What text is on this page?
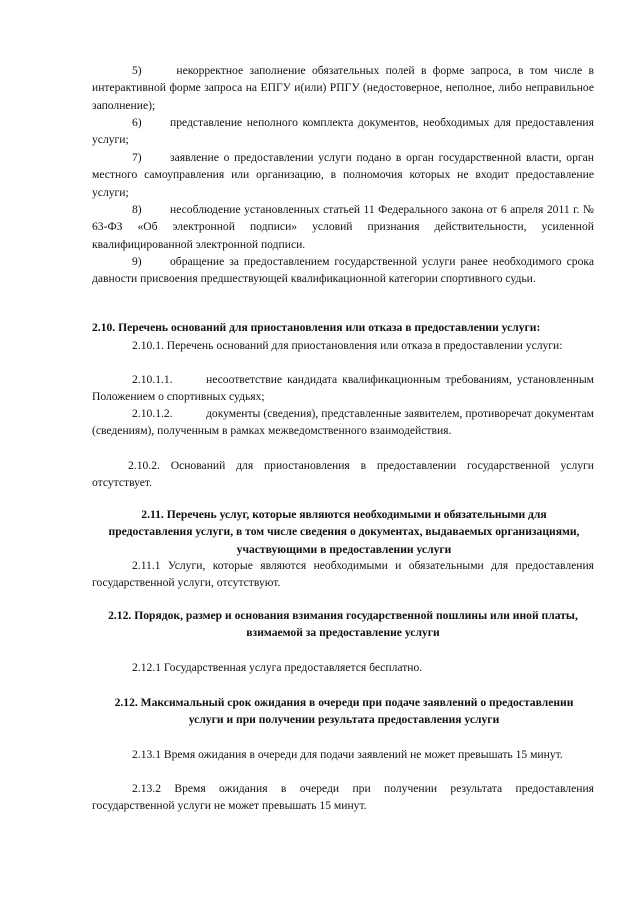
5)	некорректное заполнение обязательных полей в форме запроса, в том числе в интерактивной форме запроса на ЕПГУ и(или) РПГУ (недостоверное, неполное, либо неправильное заполнение);
6) представление неполного комплекта документов, необходимых для предоставления услуги;
7) заявление о предоставлении услуги подано в орган государственной власти, орган местного самоуправления или организацию, в полномочия которых не входит предоставление услуги;
8) несоблюдение установленных статьей 11 Федерального закона от 6 апреля 2011 г. № 63-ФЗ «Об электронной подписи» условий признания действительности, усиленной квалифицированной электронной подписи.
9) обращение за предоставлением государственной услуги ранее необходимого срока давности присвоения предшествующей квалификационной категории спортивного судьи.
2.10. Перечень оснований для приостановления или отказа в предоставлении услуги:
2.10.1. Перечень оснований для приостановления или отказа в предоставлении услуги:
2.10.1.1.	несоответствие кандидата квалификационным требованиям, установленным Положением о спортивных судьях;
2.10.1.2.	документы (сведения), представленные заявителем, противоречат документам (сведениям), полученным в рамках межведомственного взаимодействия.
2.10.2. Оснований для приостановления в предоставлении государственной услуги отсутствует.
2.11. Перечень услуг, которые являются необходимыми и обязательными для предоставления услуги, в том числе сведения о документах, выдаваемых организациями, участвующими в предоставлении услуги
2.11.1 Услуги, которые являются необходимыми и обязательными для предоставления государственной услуги, отсутствуют.
2.12. Порядок, размер и основания взимания государственной пошлины или иной платы, взимаемой за предоставление услуги
2.12.1 Государственная услуга предоставляется бесплатно.
2.12. Максимальный срок ожидания в очереди при подаче заявлений о предоставлении услуги и при получении результата предоставления услуги
2.13.1 Время ожидания в очереди для подачи заявлений не может превышать 15 минут.
2.13.2 Время ожидания в очереди при получении результата предоставления государственной услуги не может превышать 15 минут.
